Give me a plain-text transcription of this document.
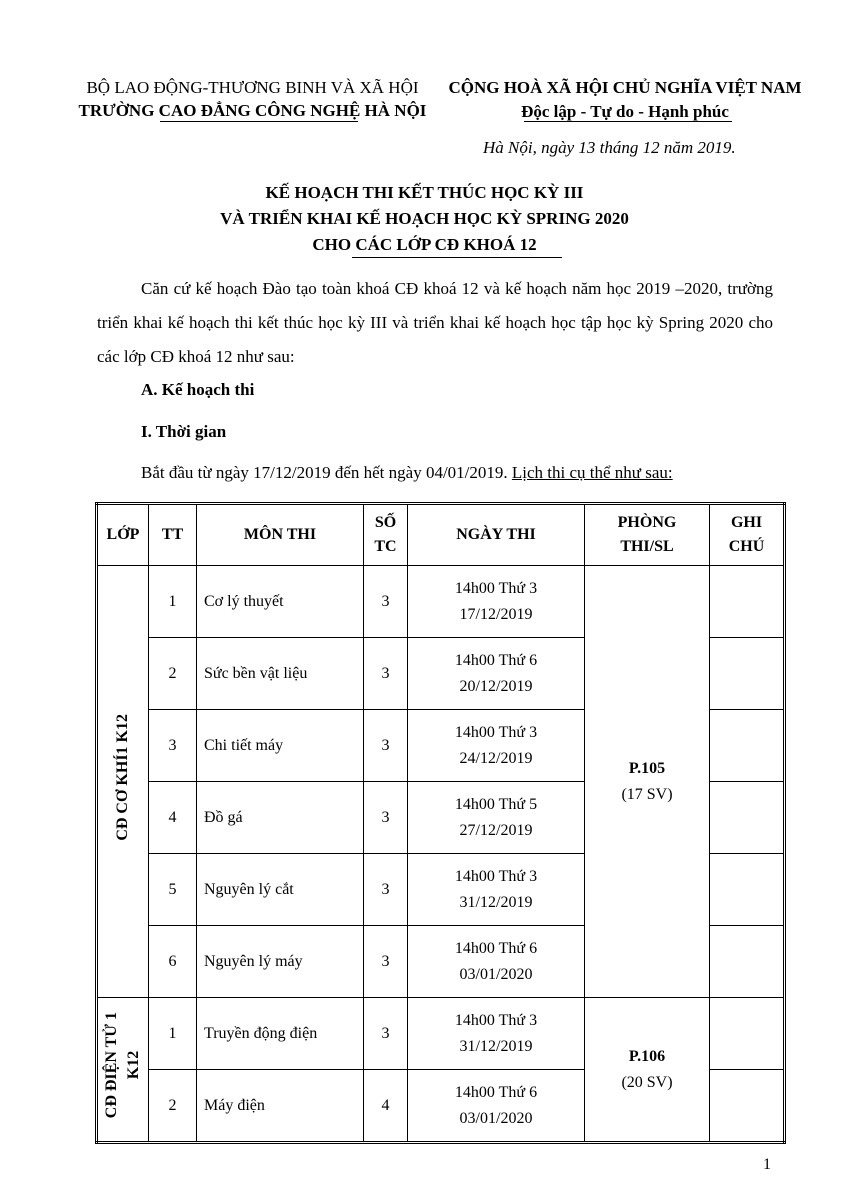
BỘ LAO ĐỘNG-THƯƠNG BINH VÀ XÃ HỘI
TRƯỜNG CAO ĐẲNG CÔNG NGHỆ HÀ NỘI
CỘNG HOÀ XÃ HỘI CHỦ NGHĨA VIỆT NAM
Độc lập - Tự do - Hạnh phúc
Hà Nội, ngày 13 tháng 12 năm 2019.
KẾ HOẠCH THI KẾT THÚC HỌC KỲ III
VÀ TRIỂN KHAI KẾ HOẠCH HỌC KỲ SPRING 2020
CHO CÁC LỚP CĐ KHOÁ 12
Căn cứ kế hoạch Đào tạo toàn khoá CĐ khoá 12 và kế hoạch năm học 2019 –2020, trường triển khai kế hoạch thi kết thúc học kỳ III và triển khai kế hoạch học tập học kỳ Spring 2020 cho các lớp CĐ khoá 12 như sau:
A. Kế hoạch thi
I. Thời gian
Bắt đầu từ ngày 17/12/2019 đến hết ngày 04/01/2019. Lịch thi cụ thể như sau:
LỚP	TT	MÔN THI	SỐ
TC	NGÀY THI	PHÒNG
THI/SL	GHI
CHÚ
CĐ CƠ KHÍ1 K12	1	Cơ lý thuyết	3	14h00 Thứ 3
17/12/2019	P.105
(17 SV)	

	2	Sức bền vật liệu	3	14h00 Thứ 6
20/12/2019		
	3	Chi tiết máy	3	14h00 Thứ 3
24/12/2019		
	4	Đồ gá	3	14h00 Thứ 5
27/12/2019		
	5	Nguyên lý cắt	3	14h00 Thứ 3
31/12/2019		
	6	Nguyên lý máy	3	14h00 Thứ 6
03/01/2020		
CĐ ĐIỆN TỬ 1 K12	1	Truyền động điện	3	14h00 Thứ 3
31/12/2019	P.106
(20 SV)	

	2	Máy điện	4	14h00 Thứ 6
03/01/2020		
1
